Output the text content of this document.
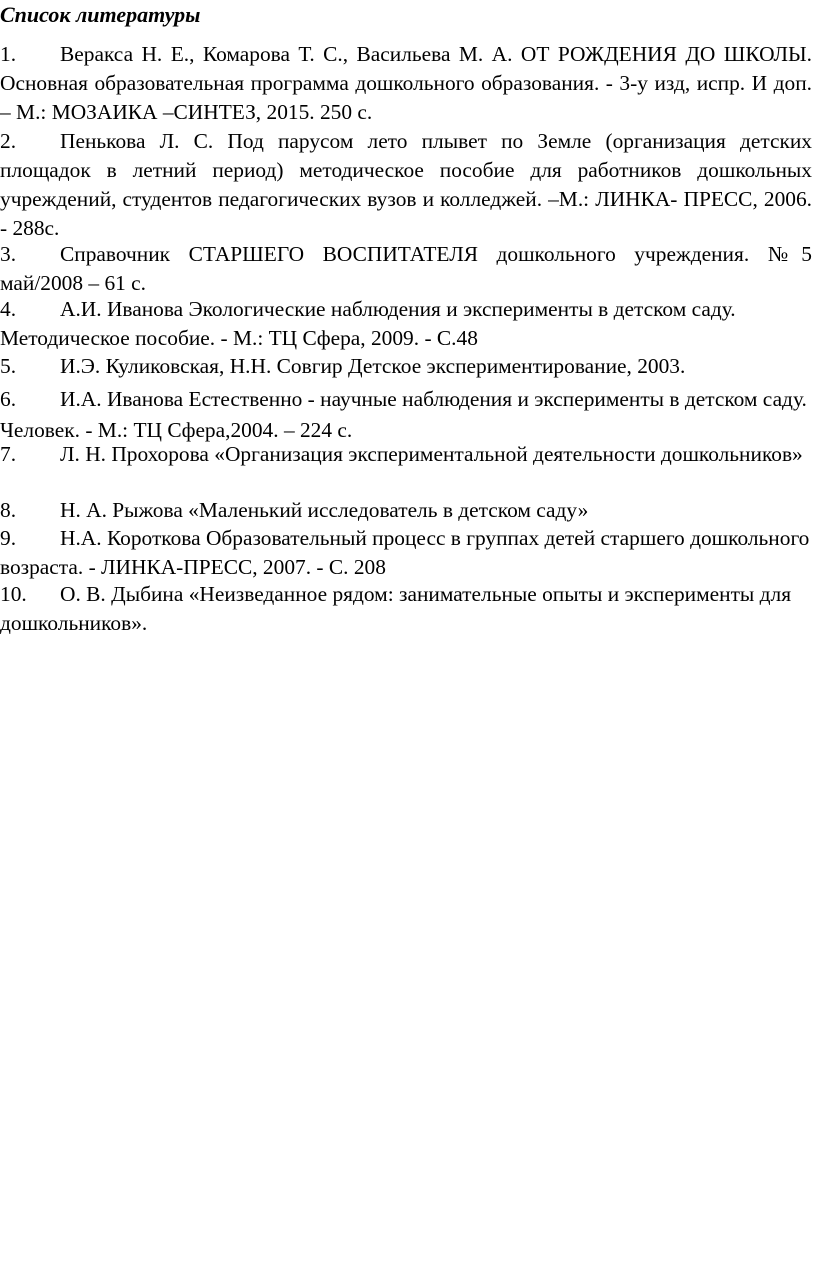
Список литературы

1. Веракса Н. Е., Комарова Т. С., Васильева М. А. ОТ РОЖДЕНИЯ ДО ШКОЛЫ. Основная образовательная программа дошкольного образования. - 3-у изд, испр. И доп. – М.: МОЗАИКА –СИНТЕЗ, 2015. 250 с.

2. Пенькова Л. С. Под парусом лето плывет по Земле (организация детских площадок в летний период) методическое пособие для работников дошкольных учреждений, студентов педагогических вузов и колледжей. –М.: ЛИНКА- ПРЕСС, 2006. - 288с.

3. Справочник СТАРШЕГО ВОСПИТАТЕЛЯ дошкольного учреждения. №5 май/2008 – 61 с.

4. А.И. Иванова Экологические наблюдения и эксперименты в детском саду. Методическое пособие. - М.: ТЦ Сфера, 2009. - С.48

5. И.Э. Куликовская, Н.Н. Совгир Детское экспериментирование, 2003.

6. И.А. Иванова Естественно - научные наблюдения и эксперименты в детском саду. Человек. - М.: ТЦ Сфера,2004. – 224 с.

7. Л. Н. Прохорова «Организация экспериментальной деятельности дошкольников»

8. Н. А. Рыжова «Маленький исследователь в детском саду»

9. Н.А. Короткова Образовательный процесс в группах детей старшего дошкольного возраста. - ЛИНКА-ПРЕСС, 2007. - С. 208

10. О. В. Дыбина «Неизведанное рядом: занимательные опыты и эксперименты для дошкольников».
